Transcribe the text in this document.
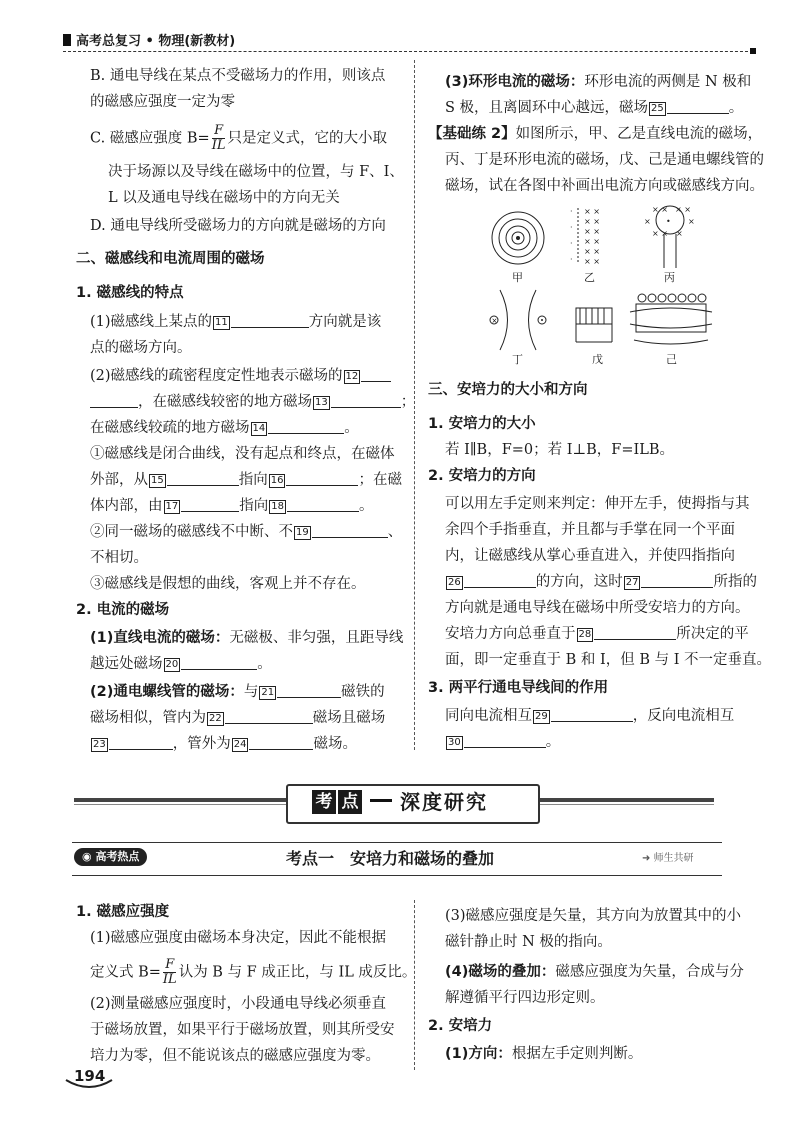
高考总复习 • 物理(新教材)
B. 通电导线在某点不受磁场力的作用，则该点
的磁感应强度一定为零
C. 磁感应强度 $B= \frac{F}{IL}$ 只是定义式，它的大小取
决于场源以及导线在磁场中的位置，与 F、I、
L 以及通电导线在磁场中的方向无关
D. 通电导线所受磁场力的方向就是磁场的方向
二、磁感线和电流周围的磁场
1. 磁感线的特点
(1)磁感线上某点的 11	方向就是该
点的磁场方向。
(2)磁感线的疏密程度定性地表示磁场的 12
，在磁感线较密的地方磁场 13	；
在磁感线较疏的地方磁场 14	。
①磁感线是闭合曲线，没有起点和终点，在磁体
外部，从 15	指向 16	；在磁
体内部，由 17	指向 18	。
②同一磁场的磁感线不中断、不 19	、
不相切。
③磁感线是假想的曲线，客观上并不存在。
2. 电流的磁场
(1)直线电流的磁场：无磁极、非匀强，且距导线
越远处磁场 20	。
(2)通电螺线管的磁场：与 21	磁铁的
磁场相似，管内为 22	磁场且磁场
23	，管外为 24	磁场。
(3)环形电流的磁场：环形电流的两侧是 N 极和
S 极，且离圆环中心越远，磁场 25	。
【基础练 2】如图所示，甲、乙是直线电流的磁场，
丙、丁是环形电流的磁场，戊、己是通电螺线管的
磁场，试在各图中补画出电流方向或磁感线方向。
× ×
× ×
× ×
× ×
× ×
× ×
·
·
·
·
× × × ×
•
×	×
× × ×
×
甲	乙	丙
丁	戊	己
三、安培力的大小和方向
1. 安培力的大小
若 I∥B，F=0；若 I⊥B，F=ILB。
2. 安培力的方向
可以用左手定则来判定：伸开左手，使拇指与其
余四个手指垂直，并且都与手掌在同一个平面
内，让磁感线从掌心垂直进入，并使四指指向
26	的方向，这时 27	所指的
方向就是通电导线在磁场中所受安培力的方向。
安培力方向总垂直于 28	所决定的平
面，即一定垂直于 B 和 I，但 B 与 I 不一定垂直。
3. 两平行通电导线间的作用
同向电流相互 29	，反向电流相互
30	。
考 点 深度研究
◉ 高考热点	考点一　安培力和磁场的叠加	➜ 师生共研
1. 磁感应强度
(1)磁感应强度由磁场本身决定，因此不能根据
定义式 $B= \frac{F}{IL}$ 认为 B 与 F 成正比，与 IL 成反比。
(2)测量磁感应强度时，小段通电导线必须垂直
于磁场放置，如果平行于磁场放置，则其所受安
培力为零，但不能说该点的磁感应强度为零。
(3)磁感应强度是矢量，其方向为放置其中的小
磁针静止时 N 极的指向。
(4)磁场的叠加：磁感应强度为矢量，合成与分
解遵循平行四边形定则。
2. 安培力
(1)方向：根据左手定则判断。
194
